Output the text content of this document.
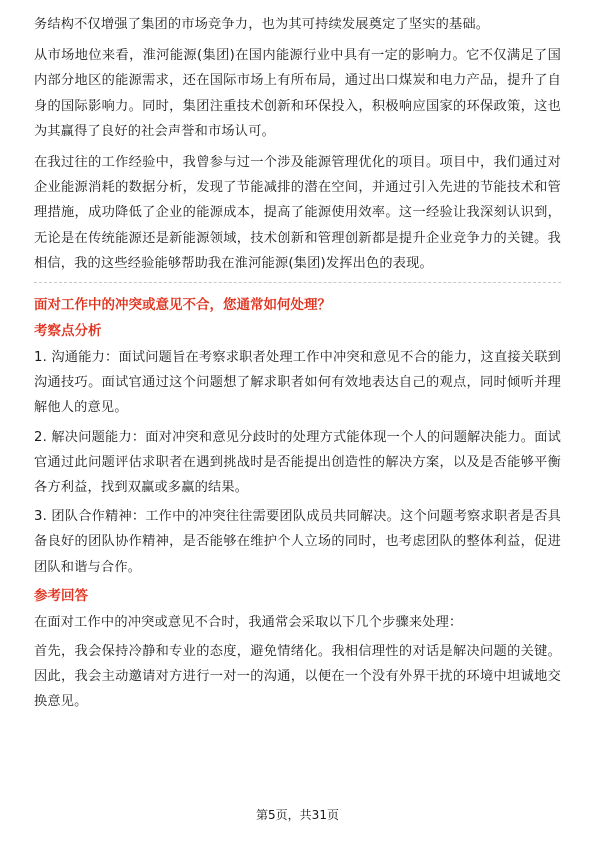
务结构不仅增强了集团的市场竞争力，也为其可持续发展奠定了坚实的基础。

从市场地位来看，淮河能源(集团)在国内能源行业中具有一定的影响力。它不仅满足了国内部分地区的能源需求，还在国际市场上有所布局，通过出口煤炭和电力产品，提升了自身的国际影响力。同时，集团注重技术创新和环保投入，积极响应国家的环保政策，这也为其赢得了良好的社会声誉和市场认可。

在我过往的工作经验中，我曾参与过一个涉及能源管理优化的项目。项目中，我们通过对企业能源消耗的数据分析，发现了节能减排的潜在空间，并通过引入先进的节能技术和管理措施，成功降低了企业的能源成本，提高了能源使用效率。这一经验让我深刻认识到，无论是在传统能源还是新能源领域，技术创新和管理创新都是提升企业竞争力的关键。我相信，我的这些经验能够帮助我在淮河能源(集团)发挥出色的表现。

面对工作中的冲突或意见不合，您通常如何处理？

考察点分析

1. 沟通能力：面试问题旨在考察求职者处理工作中冲突和意见不合的能力，这直接关联到沟通技巧。面试官通过这个问题想了解求职者如何有效地表达自己的观点，同时倾听并理解他人的意见。

2. 解决问题能力：面对冲突和意见分歧时的处理方式能体现一个人的问题解决能力。面试官通过此问题评估求职者在遇到挑战时是否能提出创造性的解决方案，以及是否能够平衡各方利益，找到双赢或多赢的结果。

3. 团队合作精神：工作中的冲突往往需要团队成员共同解决。这个问题考察求职者是否具备良好的团队协作精神，是否能够在维护个人立场的同时，也考虑团队的整体利益，促进团队和谐与合作。

参考回答

在面对工作中的冲突或意见不合时，我通常会采取以下几个步骤来处理：

首先，我会保持冷静和专业的态度，避免情绪化。我相信理性的对话是解决问题的关键。因此，我会主动邀请对方进行一对一的沟通，以便在一个没有外界干扰的环境中坦诚地交换意见。

第5页，共31页
